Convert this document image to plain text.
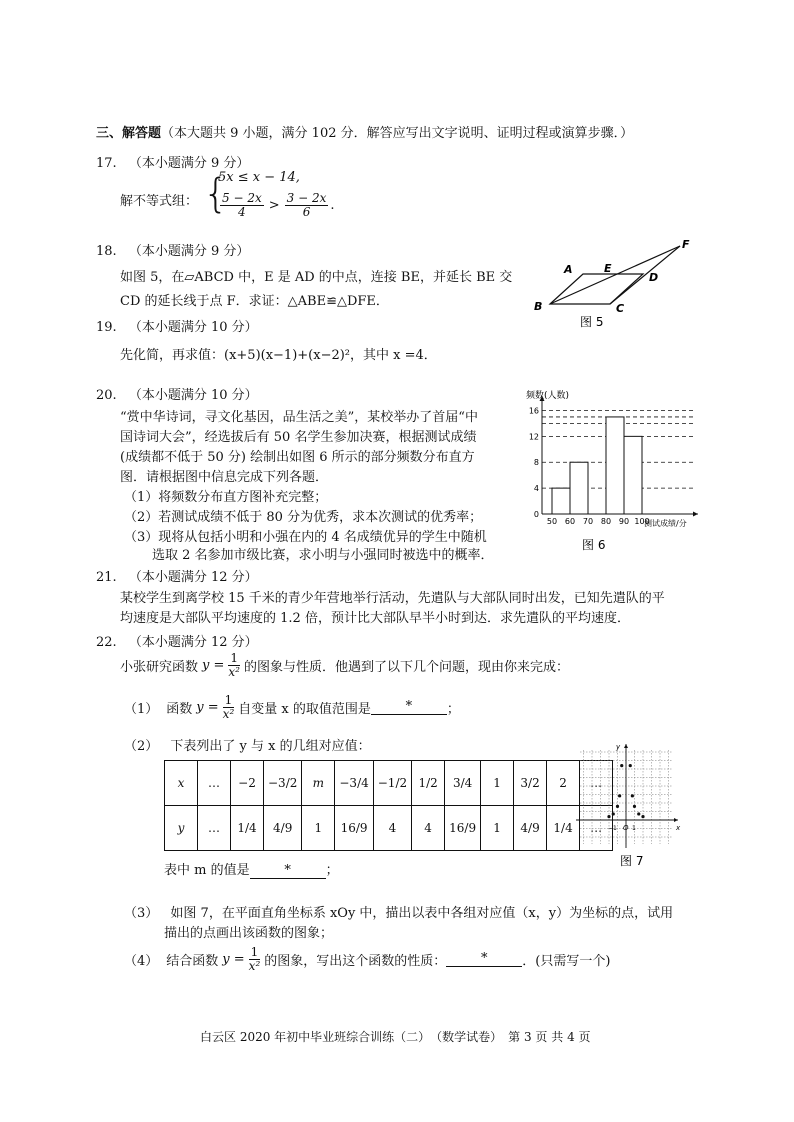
三、解答题（本大题共 9 小题，满分 102 分．解答应写出文字说明、证明过程或演算步骤．）
17. （本小题满分 9 分）
解不等式组： {
5x ≤ x − 14,
$\frac{5 - 2x}{4} > \frac{3 - 2x}{6}$ .
18. （本小题满分 9 分）
如图 5，在▱ABCD 中，E 是 AD 的中点，连接 BE，并延长 BE 交
CD 的延长线于点 F．求证：△ABE≌△DFE．
A	E
D
F
B	C
图 5
19. （本小题满分 10 分）
先化简，再求值：(x+5)(x−1)+(x−2)²，其中 x =4．
20. （本小题满分 10 分）
“赏中华诗词，寻文化基因，品生活之美”，某校举办了首届“中
国诗词大会”，经选拔后有 50 名学生参加决赛，根据测试成绩
(成绩都不低于 50 分) 绘制出如图 6 所示的部分频数分布直方
图．请根据图中信息完成下列各题．
（1）将频数分布直方图补充完整；
（2）若测试成绩不低于 80 分为优秀，求本次测试的优秀率；
（3）现将从包括小明和小强在内的 4 名成绩优异的学生中随机
选取 2 名参加市级比赛，求小明与小强同时被选中的概率．
0
4
8
12
16
50 60 70 80 90 100
频数(人数)
测试成绩/分
图 6
21. （本小题满分 12 分）
某校学生到离学校 15 千米的青少年营地举行活动，先遣队与大部队同时出发，已知先遣队的平
均速度是大部队平均速度的 1.2 倍，预计比大部队早半小时到达．求先遣队的平均速度．
22. （本小题满分 12 分）
小张研究函数 $y = \frac{1}{\text{x²}}$ 的图象与性质．他遇到了以下几个问题，现由你来完成：
（1） 函数 $y = \frac{1}{\text{x²}}$ 自变量 x 的取值范围是	*	；
（2） 下表列出了 y 与 x 的几组对应值：
x	…	−2	−3/2	m	−3/4	−1/2	1/2	3/4	1	3/2	2	…
y	…	1/4	4/9	1	16/9	4	4	16/9	1	4/9	1/4	…
表中 m 的值是	*	；
y
x
O
−1	1
图 7
（3） 如图 7，在平面直角坐标系 xOy 中，描出以表中各组对应值（x，y）为坐标的点，试用
描出的点画出该函数的图象；
（4） 结合函数 $y = \frac{1}{\text{x²}}$ 的图象，写出这个函数的性质：	*	．(只需写一个)
白云区 2020 年初中毕业班综合训练（二）　（数学试卷）　第 3 页 共 4 页
